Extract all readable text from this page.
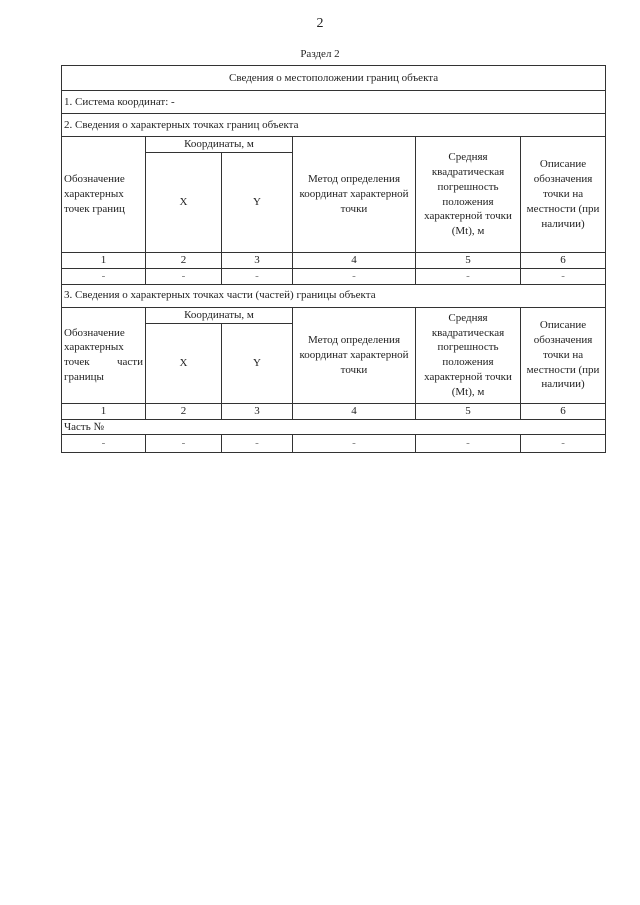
2
Раздел 2
Сведения о местоположении границ объекта					
1. Система координат: -					
2. Сведения о характерных точках границ объекта					
Обозначение характерных точек границ	Координаты, м		Метод определения координат характерной точки	Средняя квадратическая погрешность положения характерной точки (Mt), м	Описание обозначения точки на местности (при наличии)
	X	Y			
1	2	3	4	5	6
-	-	-	-	-	-
3. Сведения о характерных точках части (частей) границы объекта					

Обозначение характерных
точек части
границы	Координаты, м		Метод определения координат характерной точки	Средняя квадратическая погрешность положения характерной точки (Mt), м	Описание обозначения точки на местности (при наличии)
	X	Y			
1	2	3	4	5	6
Часть №					
-	-	-	-	-	-
